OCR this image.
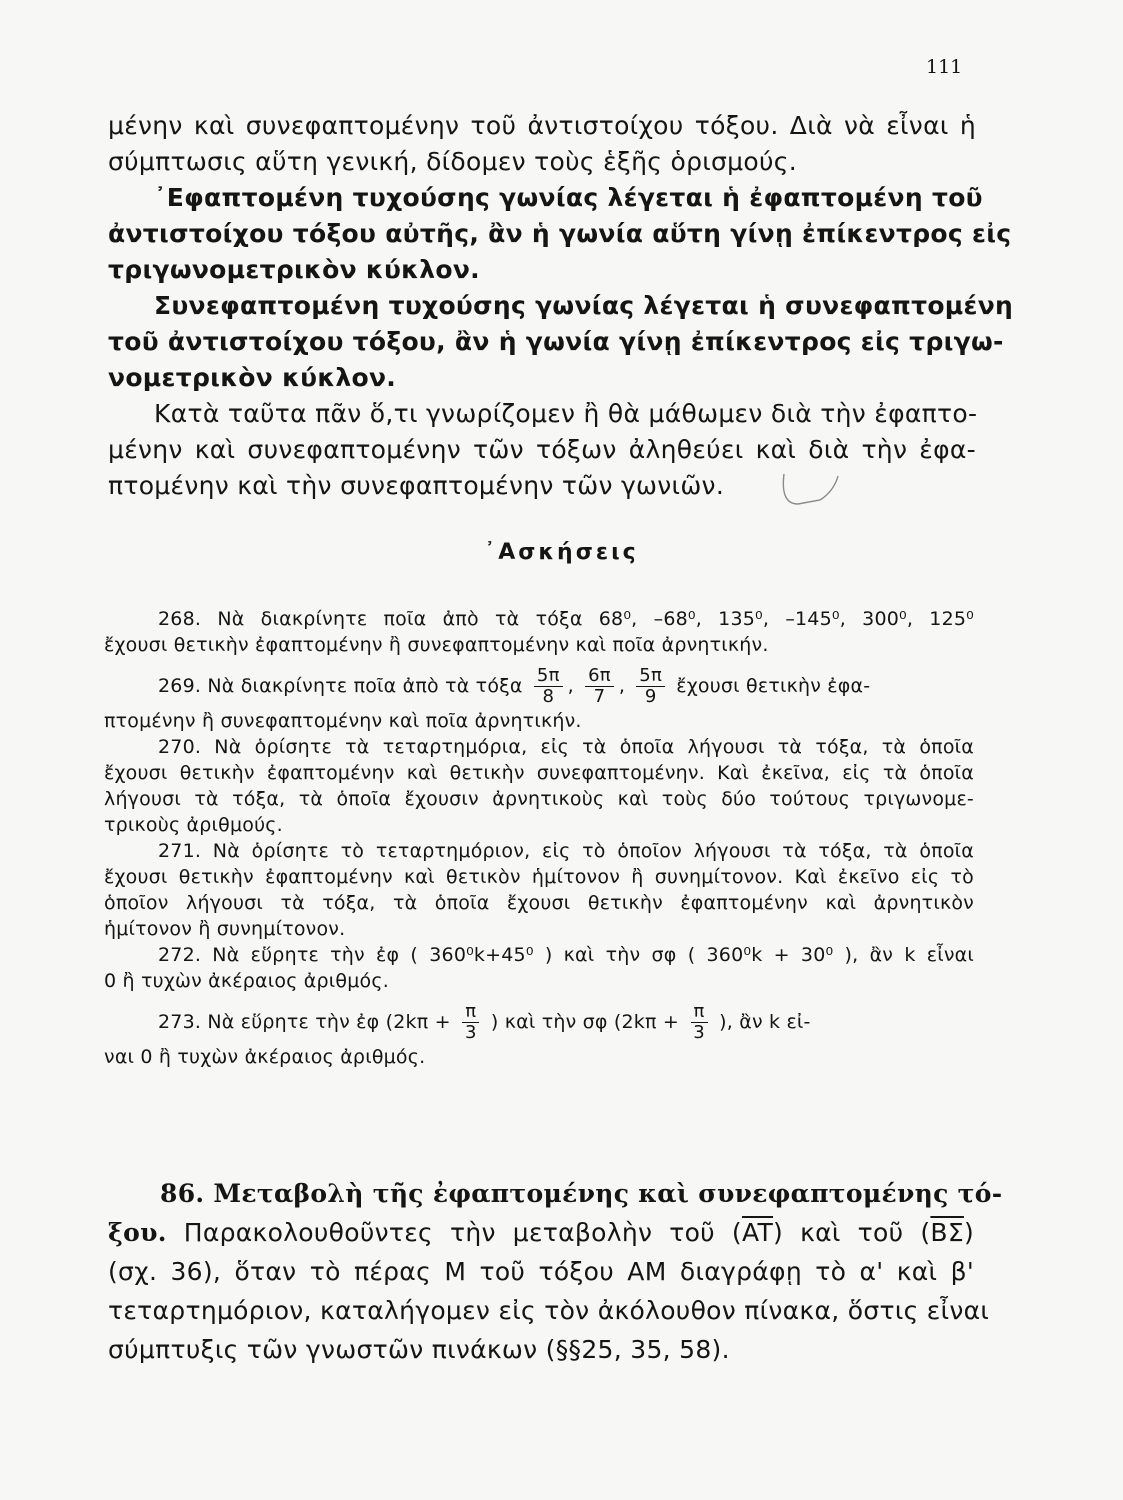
111
μένην καὶ συνεφαπτομένην τοῦ ἀντιστοίχου τόξου. Διὰ νὰ εἶναι ἡ
σύμπτωσις αὕτη γενική, δίδομεν τοὺς ἑξῆς ὁρισμούς.
᾿Εφαπτομένη τυχούσης γωνίας λέγεται ἡ ἐφαπτομένη τοῦ
ἀντιστοίχου τόξου αὐτῆς, ἂν ἡ γωνία αὕτη γίνῃ ἐπίκεντρος εἰς
τριγωνομετρικὸν κύκλον.
Συνεφαπτομένη τυχούσης γωνίας λέγεται ἡ συνεφαπτομένη
τοῦ ἀντιστοίχου τόξου, ἂν ἡ γωνία γίνῃ ἐπίκεντρος εἰς τριγω-
νομετρικὸν κύκλον.
Κατὰ ταῦτα πᾶν ὅ,τι γνωρίζομεν ἢ θὰ μάθωμεν διὰ τὴν ἐφαπτο-
μένην καὶ συνεφαπτομένην τῶν τόξων ἀληθεύει καὶ διὰ τὴν ἐφα-
πτομένην καὶ τὴν συνεφαπτομένην τῶν γωνιῶν.
᾿Ασκήσεις
268. Νὰ διακρίνητε ποῖα ἀπὸ τὰ τόξα 68⁰, –68⁰, 135⁰, –145⁰, 300⁰, 125⁰
ἔχουσι θετικὴν ἐφαπτομένην ἢ συνεφαπτομένην καὶ ποῖα ἀρνητικήν.
269. Νὰ διακρίνητε ποῖα ἀπὸ τὰ τόξα $\frac{5\pi}{8}$ , $\frac{6\pi}{7}$ , $\frac{5\pi}{9}$ ἔχουσι θετικὴν ἐφα-
πτομένην ἢ συνεφαπτομένην καὶ ποῖα ἀρνητικήν.
270. Νὰ ὁρίσητε τὰ τεταρτημόρια, εἰς τὰ ὁποῖα λήγουσι τὰ τόξα, τὰ ὁποῖα
ἔχουσι θετικὴν ἐφαπτομένην καὶ θετικὴν συνεφαπτομένην. Καὶ ἐκεῖνα, εἰς τὰ ὁποῖα
λήγουσι τὰ τόξα, τὰ ὁποῖα ἔχουσιν ἀρνητικοὺς καὶ τοὺς δύο τούτους τριγωνομε-
τρικοὺς ἀριθμούς.
271. Νὰ ὁρίσητε τὸ τεταρτημόριον, εἰς τὸ ὁποῖον λήγουσι τὰ τόξα, τὰ ὁποῖα
ἔχουσι θετικὴν ἐφαπτομένην καὶ θετικὸν ἡμίτονον ἢ συνημίτονον. Καὶ ἐκεῖνο εἰς τὸ
ὁποῖον λήγουσι τὰ τόξα, τὰ ὁποῖα ἔχουσι θετικὴν ἐφαπτομένην καὶ ἀρνητικὸν
ἡμίτονον ἢ συνημίτονον.
272. Νὰ εὕρητε τὴν ἐφ ( 360⁰k+45⁰ ) καὶ τὴν σφ ( 360⁰k + 30⁰ ), ἂν k εἶναι
0 ἢ τυχὼν ἀκέραιος ἀριθμός.
273. Νὰ εὕρητε τὴν ἐφ ($2k\pi + \frac{\pi}{3}$ ) καὶ τὴν σφ ($2k\pi + \frac{\pi}{3}$ ), ἂν k εἰ-
ναι 0 ἢ τυχὼν ἀκέραιος ἀριθμός.
86. Μεταβολὴ τῆς ἐφαπτομένης καὶ συνεφαπτομένης τό-
ξου. Παρακολουθοῦντες τὴν μεταβολὴν τοῦ $(\overline{AT})$ καὶ τοῦ $(\overline{B\Sigma})$
(σχ. 36), ὅταν τὸ πέρας Μ τοῦ τόξου ΑΜ διαγράφῃ τὸ α' καὶ β'
τεταρτημόριον, καταλήγομεν εἰς τὸν ἀκόλουθον πίνακα, ὅστις εἶναι
σύμπτυξις τῶν γνωστῶν πινάκων (§§25, 35, 58).
